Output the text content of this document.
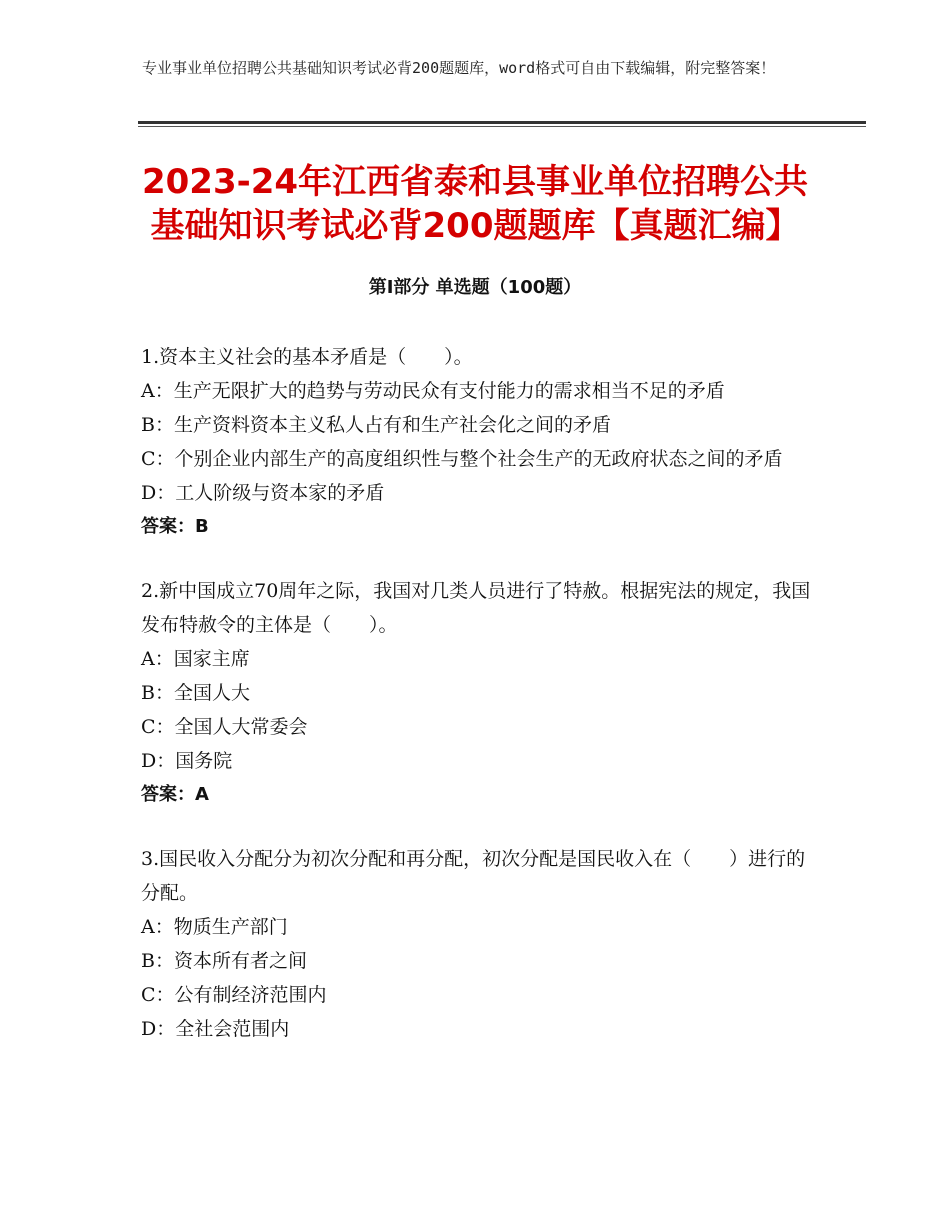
专业事业单位招聘公共基础知识考试必背200题题库，word格式可自由下载编辑，附完整答案！
2023-24年江西省泰和县事业单位招聘公共基础知识考试必背200题题库【真题汇编】
第Ⅰ部分 单选题（100题）
1.资本主义社会的基本矛盾是（　　）。
A：生产无限扩大的趋势与劳动民众有支付能力的需求相当不足的矛盾
B：生产资料资本主义私人占有和生产社会化之间的矛盾
C：个别企业内部生产的高度组织性与整个社会生产的无政府状态之间的矛盾
D：工人阶级与资本家的矛盾
答案：B
2.新中国成立70周年之际，我国对几类人员进行了特赦。根据宪法的规定，我国发布特赦令的主体是（　　）。
A：国家主席
B：全国人大
C：全国人大常委会
D：国务院
答案：A
3.国民收入分配分为初次分配和再分配，初次分配是国民收入在（　　）进行的分配。
A：物质生产部门
B：资本所有者之间
C：公有制经济范围内
D：全社会范围内
